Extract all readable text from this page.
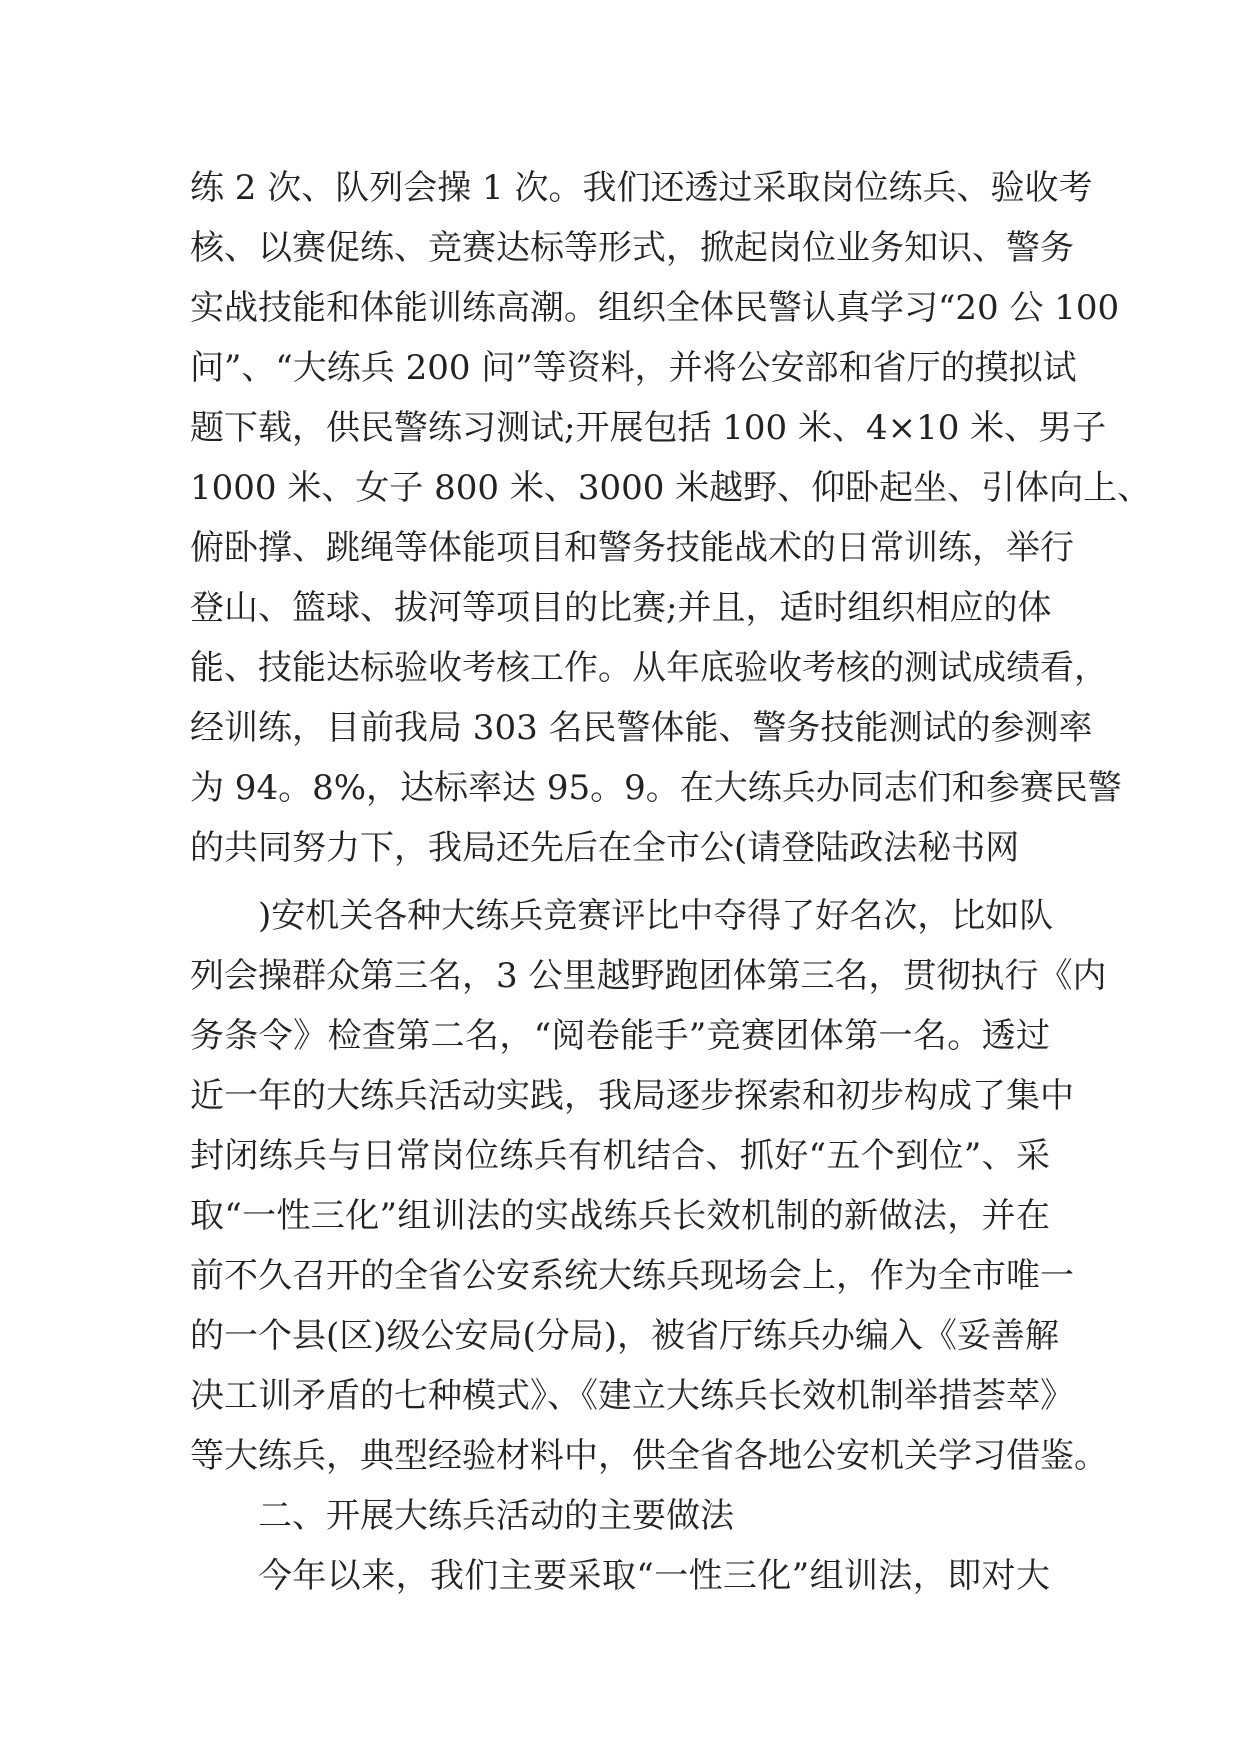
练 2 次、队列会操 1 次。我们还透过采取岗位练兵、验收考
核、以赛促练、竞赛达标等形式，掀起岗位业务知识、警务
实战技能和体能训练高潮。组织全体民警认真学习“20 公 100
问”、“大练兵 200 问”等资料，并将公安部和省厅的摸拟试
题下载，供民警练习测试;开展包括 100 米、4×10 米、男子
1000 米、女子 800 米、3000 米越野、仰卧起坐、引体向上、
俯卧撑、跳绳等体能项目和警务技能战术的日常训练，举行
登山、篮球、拔河等项目的比赛;并且，适时组织相应的体
能、技能达标验收考核工作。从年底验收考核的测试成绩看，
经训练，目前我局 303 名民警体能、警务技能测试的参测率
为 94。8%，达标率达 95。9。在大练兵办同志们和参赛民警
的共同努力下，我局还先后在全市公(请登陆政法秘书网
)安机关各种大练兵竞赛评比中夺得了好名次，比如队
列会操群众第三名，3 公里越野跑团体第三名，贯彻执行《内
务条令》检查第二名，“阅卷能手”竞赛团体第一名。透过
近一年的大练兵活动实践，我局逐步探索和初步构成了集中
封闭练兵与日常岗位练兵有机结合、抓好“五个到位”、采
取“一性三化”组训法的实战练兵长效机制的新做法，并在
前不久召开的全省公安系统大练兵现场会上，作为全市唯一
的一个县(区)级公安局(分局)，被省厅练兵办编入《妥善解
决工训矛盾的七种模式》、《建立大练兵长效机制举措荟萃》
等大练兵，典型经验材料中，供全省各地公安机关学习借鉴。
二、开展大练兵活动的主要做法
今年以来，我们主要采取“一性三化”组训法，即对大
